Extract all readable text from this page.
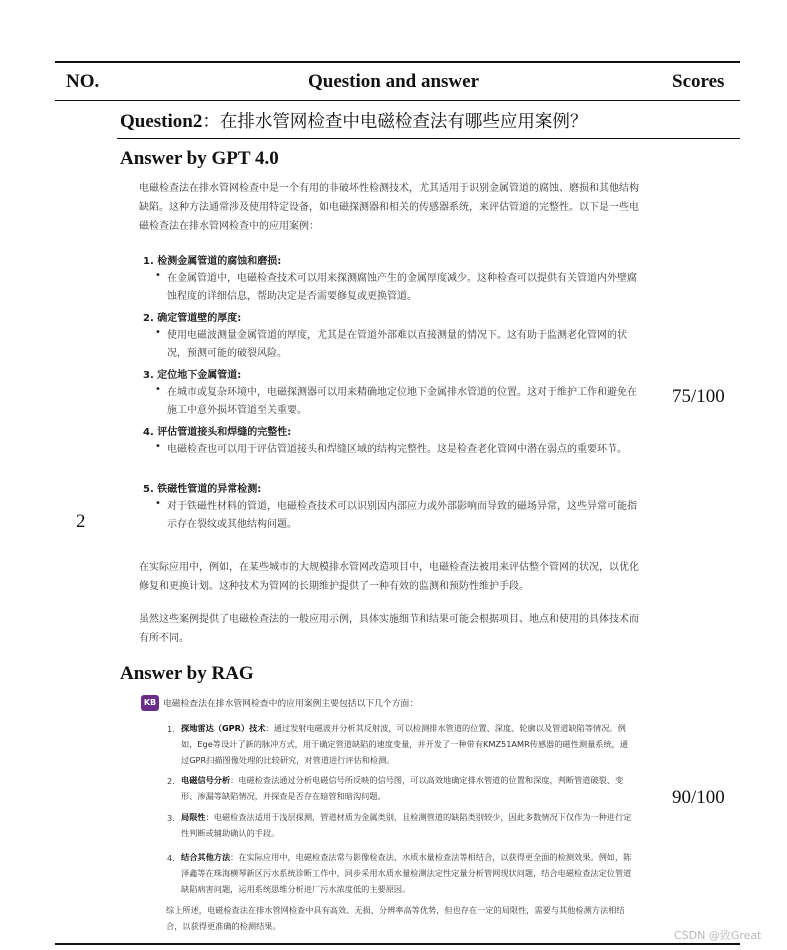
NO.	Question and answer	Scores
2
75/100
90/100
Question2：在排水管网检查中电磁检查法有哪些应用案例？
Answer by GPT 4.0

电磁检查法在排水管网检查中是一个有用的非破坏性检测技术，尤其适用于识别金属管道的腐蚀、磨损和其他结构缺陷。这种方法通常涉及使用特定设备，如电磁探测器和相关的传感器系统，来评估管道的完整性。以下是一些电磁检查法在排水管网检查中的应用案例：

1. 检测金属管道的腐蚀和磨损:
• 在金属管道中，电磁检查技术可以用来探测腐蚀产生的金属厚度减少。这种检查可以提供有关管道内外壁腐蚀程度的详细信息，帮助决定是否需要修复或更换管道。

2. 确定管道壁的厚度:
• 使用电磁波测量金属管道的厚度，尤其是在管道外部难以直接测量的情况下。这有助于监测老化管网的状况，预测可能的破裂风险。

3. 定位地下金属管道:
• 在城市或复杂环境中，电磁探测器可以用来精确地定位地下金属排水管道的位置。这对于维护工作和避免在施工中意外损坏管道至关重要。

4. 评估管道接头和焊缝的完整性:
• 电磁检查也可以用于评估管道接头和焊缝区域的结构完整性。这是检查老化管网中潜在弱点的重要环节。

5. 铁磁性管道的异常检测:
• 对于铁磁性材料的管道，电磁检查技术可以识别因内部应力或外部影响而导致的磁场异常，这些异常可能指示存在裂纹或其他结构问题。

在实际应用中，例如，在某些城市的大规模排水管网改造项目中，电磁检查法被用来评估整个管网的状况，以优化修复和更换计划。这种技术为管网的长期维护提供了一种有效的监测和预防性维护手段。

虽然这些案例提供了电磁检查法的一般应用示例，具体实施细节和结果可能会根据项目、地点和使用的具体技术而有所不同。

Answer by RAG
KB 电磁检查法在排水管网检查中的应用案例主要包括以下几个方面：
1. 探地雷达（GPR）技术：通过发射电磁波并分析其反射波，可以检测排水管道的位置、深度、轮廓以及管道缺陷等情况。例如，Ege等设计了新的脉冲方式，用于确定管道缺陷的速度变量，并开发了一种带有KMZ51AMR传感器的磁性测量系统，通过GPR扫描图像处理的比较研究，对管道进行评估和检测。

2. 电磁信号分析：电磁检查法通过分析电磁信号所反映的信号图，可以高效地确定排水管道的位置和深度，判断管道破裂、变形、渗漏等缺陷情况，并探查是否存在暗管和暗沟问题。

3. 局限性：电磁检查法适用于浅层探测，管道材质为金属类别，且检测管道的缺陷类别较少，因此多数情况下仅作为一种进行定性判断或辅助确认的手段。

4. 结合其他方法：在实际应用中，电磁检查法常与影像检查法、水质水量检查法等相结合，以获得更全面的检测效果。例如，陈泽鑫等在珠海横琴新区污水系统诊断工作中，同步采用水质水量检测法定性定量分析管网现状问题，结合电磁检查法定位管道缺陷病害问题，运用系统思维分析进厂污水浓度低的主要原因。

综上所述，电磁检查法在排水管网检查中具有高效、无损、分辨率高等优势，但也存在一定的局限性，需要与其他检测方法相结合，以获得更准确的检测结果。

CSDN @致Great
